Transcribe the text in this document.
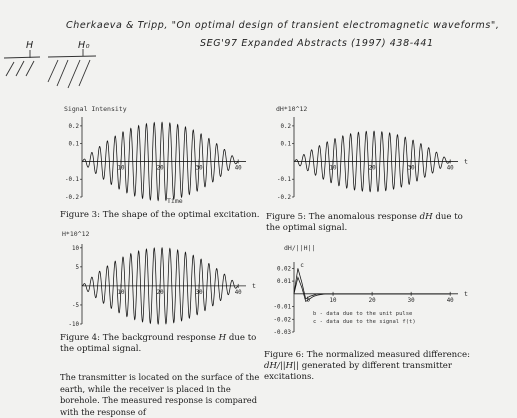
Cherkaeva & Tripp, "On optimal design of transient electromagnetic waveforms",
SEG'97 Expanded Abstracts (1997) 438-441
H	H₀
Signal Intensity
0.2
0.1
-0.1
-0.2
10	20	30	40
Time
Figure 3: The shape of the optimal excitation.
dH*10^12
0.2
0.1
-0.1
-0.2
10	20	30	40
t
Figure 5: The anomalous response dH due to the optimal signal.
H*10^12
10
5
-5
-10
10	20	30	40
t
Figure 4: The background response H due to the optimal signal.
dH/||H||
0.02
0.01
-0.01
-0.02
-0.03
10	20	30	40
t
b
c
b - data due to the unit pulse
c - data due to the signal f(t)
Figure 6: The normalized measured difference: dH/||H|| generated by different transmitter excitations.
The transmitter is located on the surface of the earth, while the receiver is placed in the borehole. The measured response is compared with the response of
